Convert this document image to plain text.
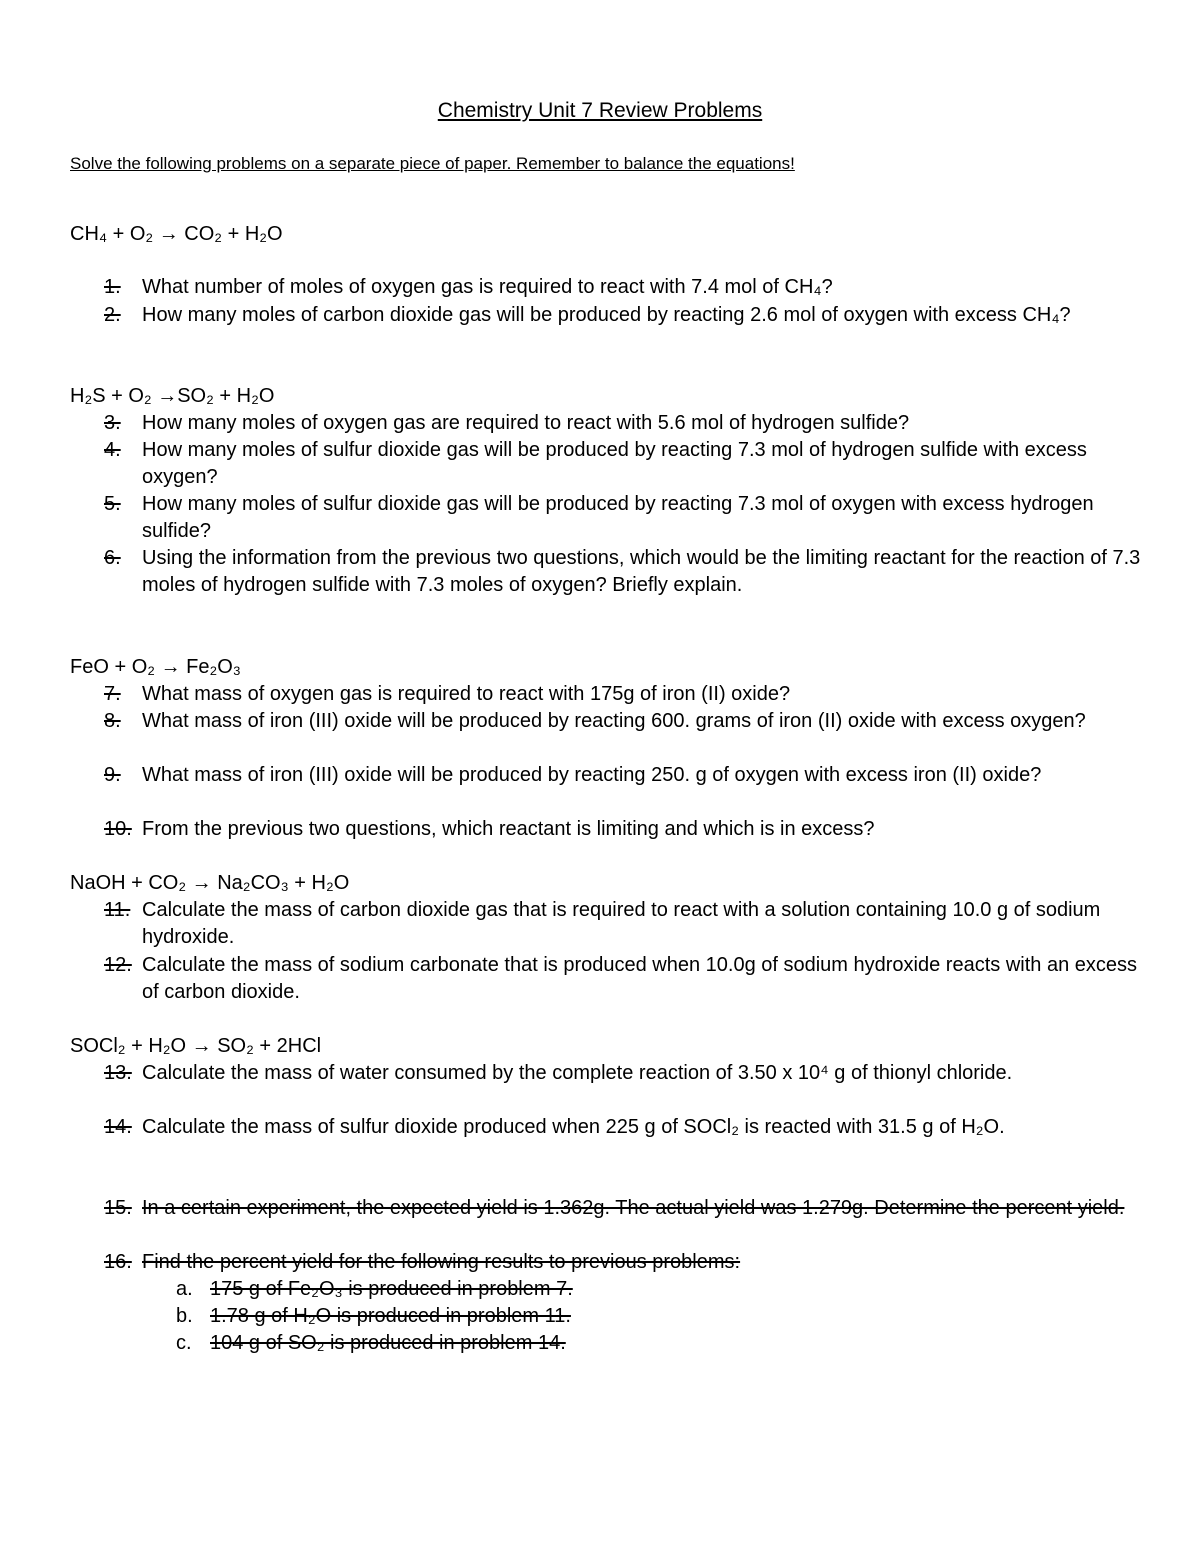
Chemistry Unit 7 Review Problems
Solve the following problems on a separate piece of paper. Remember to balance the equations!
CH₄ + O₂ → CO₂ + H₂O
1.	What number of moles of oxygen gas is required to react with 7.4 mol of CH₄?
2.	How many moles of carbon dioxide gas will be produced by reacting 2.6 mol of oxygen with excess CH₄?
H₂S + O₂ →SO₂ + H₂O
3.	How many moles of oxygen gas are required to react with 5.6 mol of hydrogen sulfide?
4.	How many moles of sulfur dioxide gas will be produced by reacting 7.3 mol of hydrogen sulfide with excess oxygen?
5.	How many moles of sulfur dioxide gas will be produced by reacting 7.3 mol of oxygen with excess hydrogen sulfide?
6.	Using the information from the previous two questions, which would be the limiting reactant for the reaction of 7.3 moles of hydrogen sulfide with 7.3 moles of oxygen? Briefly explain.
FeO + O₂ → Fe₂O₃
7.	What mass of oxygen gas is required to react with 175g of iron (II) oxide?
8.	What mass of iron (III) oxide will be produced by reacting 600. grams of iron (II) oxide with excess oxygen?
9.	What mass of iron (III) oxide will be produced by reacting 250. g of oxygen with excess iron (II) oxide?
10. From the previous two questions, which reactant is limiting and which is in excess?
NaOH + CO₂ → Na₂CO₃ + H₂O
11. Calculate the mass of carbon dioxide gas that is required to react with a solution containing 10.0 g of sodium hydroxide.
12. Calculate the mass of sodium carbonate that is produced when 10.0g of sodium hydroxide reacts with an excess of carbon dioxide.
SOCl₂ + H₂O → SO₂ + 2HCl
13. Calculate the mass of water consumed by the complete reaction of 3.50 x 10⁴ g of thionyl chloride.
14. Calculate the mass of sulfur dioxide produced when 225 g of SOCl₂ is reacted with 31.5 g of H₂O.
15. In a certain experiment, the expected yield is 1.362g. The actual yield was 1.279g. Determine the percent yield.
16. Find the percent yield for the following results to previous problems:
a. 175 g of Fe₂O₃ is produced in problem 7.
b. 1.78 g of H₂O is produced in problem 11.
c. 104 g of SO₂ is produced in problem 14.
